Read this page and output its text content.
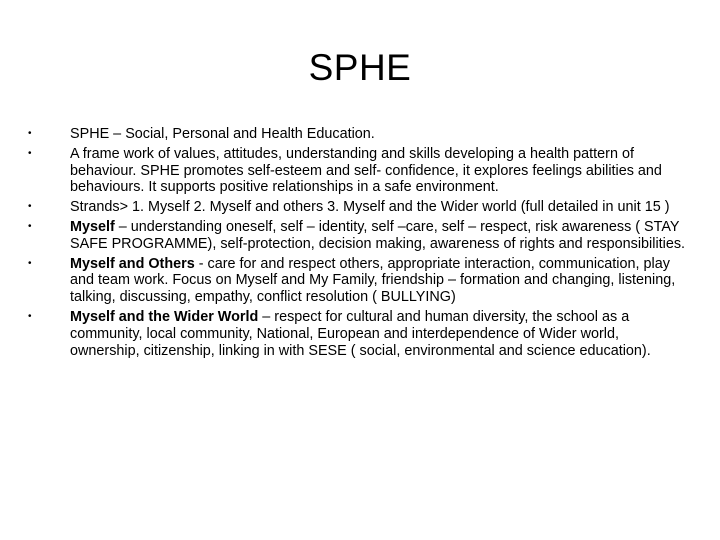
SPHE
•	SPHE – Social, Personal and Health Education.
•	A frame work of values, attitudes, understanding and skills developing a health pattern of behaviour. SPHE promotes self-esteem and self- confidence, it explores feelings abilities and behaviours. It supports positive relationships in a safe environment.
•	Strands> 1. Myself 2. Myself and others 3. Myself and the Wider world (full detailed in unit 15 )
•	Myself – understanding oneself, self – identity, self –care, self – respect, risk awareness ( STAY SAFE PROGRAMME), self-protection, decision making, awareness of rights and responsibilities.
•	Myself and Others - care for and respect others, appropriate interaction, communication, play and team work. Focus on Myself and My Family, friendship – formation and changing, listening, talking, discussing, empathy, conflict resolution ( BULLYING)
•	Myself and the Wider World – respect for cultural and human diversity, the school as a community, local community, National, European and interdependence of Wider world, ownership, citizenship, linking in with SESE ( social, environmental and science education).
